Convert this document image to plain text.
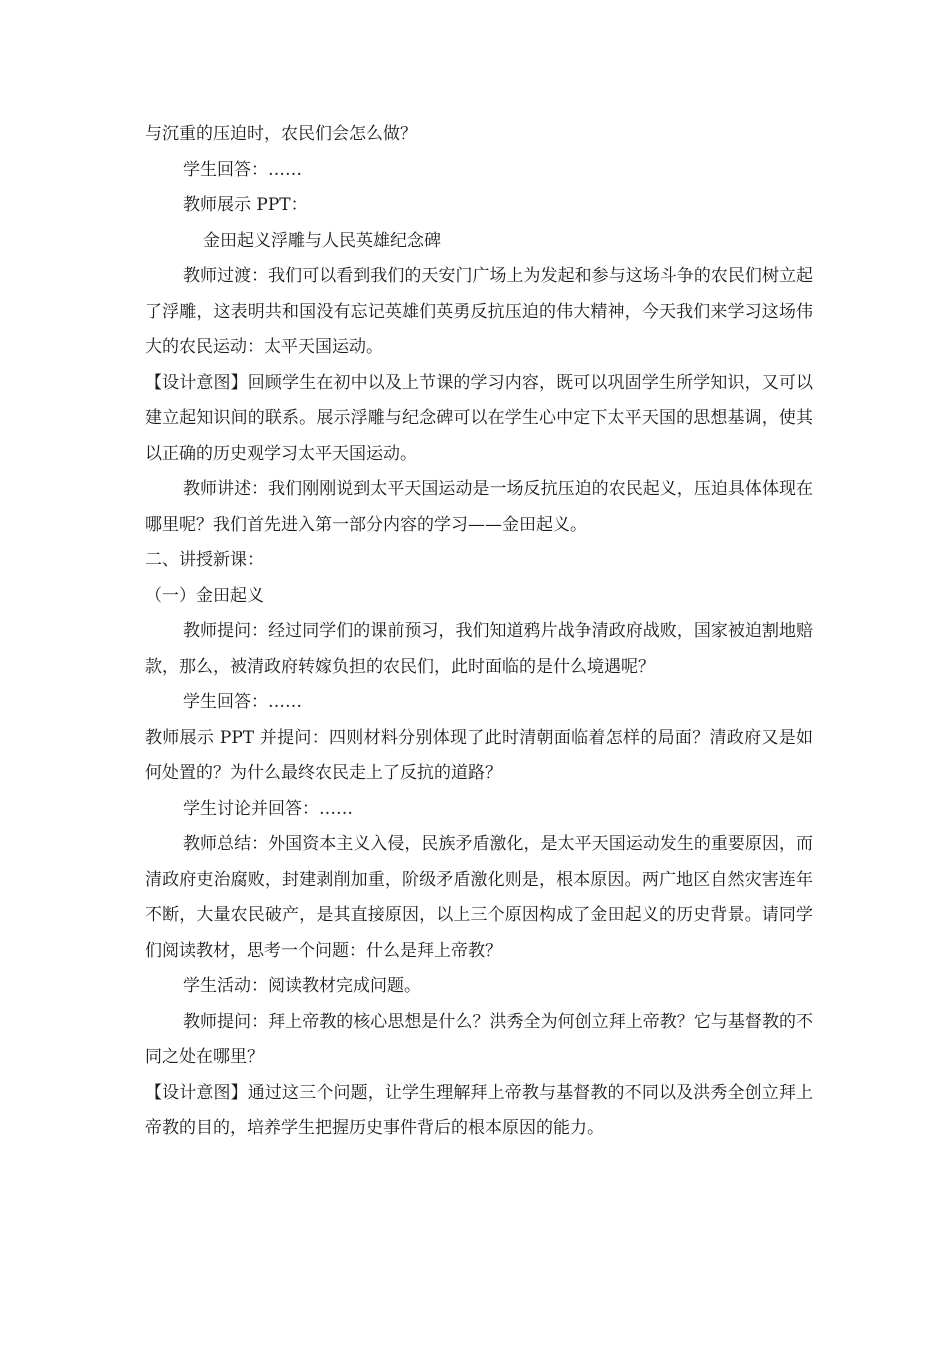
与沉重的压迫时，农民们会怎么做？

学生回答：……

教师展示 PPT：

金田起义浮雕与人民英雄纪念碑

教师过渡：我们可以看到我们的天安门广场上为发起和参与这场斗争的农民们树立起了浮雕，这表明共和国没有忘记英雄们英勇反抗压迫的伟大精神，今天我们来学习这场伟大的农民运动：太平天国运动。

【设计意图】回顾学生在初中以及上节课的学习内容，既可以巩固学生所学知识，又可以建立起知识间的联系。展示浮雕与纪念碑可以在学生心中定下太平天国的思想基调，使其以正确的历史观学习太平天国运动。

教师讲述：我们刚刚说到太平天国运动是一场反抗压迫的农民起义，压迫具体体现在哪里呢？我们首先进入第一部分内容的学习——金田起义。

二、讲授新课：

（一）金田起义

教师提问：经过同学们的课前预习，我们知道鸦片战争清政府战败，国家被迫割地赔款，那么，被清政府转嫁负担的农民们，此时面临的是什么境遇呢？

学生回答：……

教师展示 PPT 并提问：四则材料分别体现了此时清朝面临着怎样的局面？清政府又是如何处置的？为什么最终农民走上了反抗的道路？

学生讨论并回答：……

教师总结：外国资本主义入侵，民族矛盾激化，是太平天国运动发生的重要原因，而清政府吏治腐败，封建剥削加重，阶级矛盾激化则是，根本原因。两广地区自然灾害连年不断，大量农民破产，是其直接原因，以上三个原因构成了金田起义的历史背景。请同学们阅读教材，思考一个问题：什么是拜上帝教？

学生活动：阅读教材完成问题。

教师提问：拜上帝教的核心思想是什么？洪秀全为何创立拜上帝教？它与基督教的不同之处在哪里？

【设计意图】通过这三个问题，让学生理解拜上帝教与基督教的不同以及洪秀全创立拜上帝教的目的，培养学生把握历史事件背后的根本原因的能力。
